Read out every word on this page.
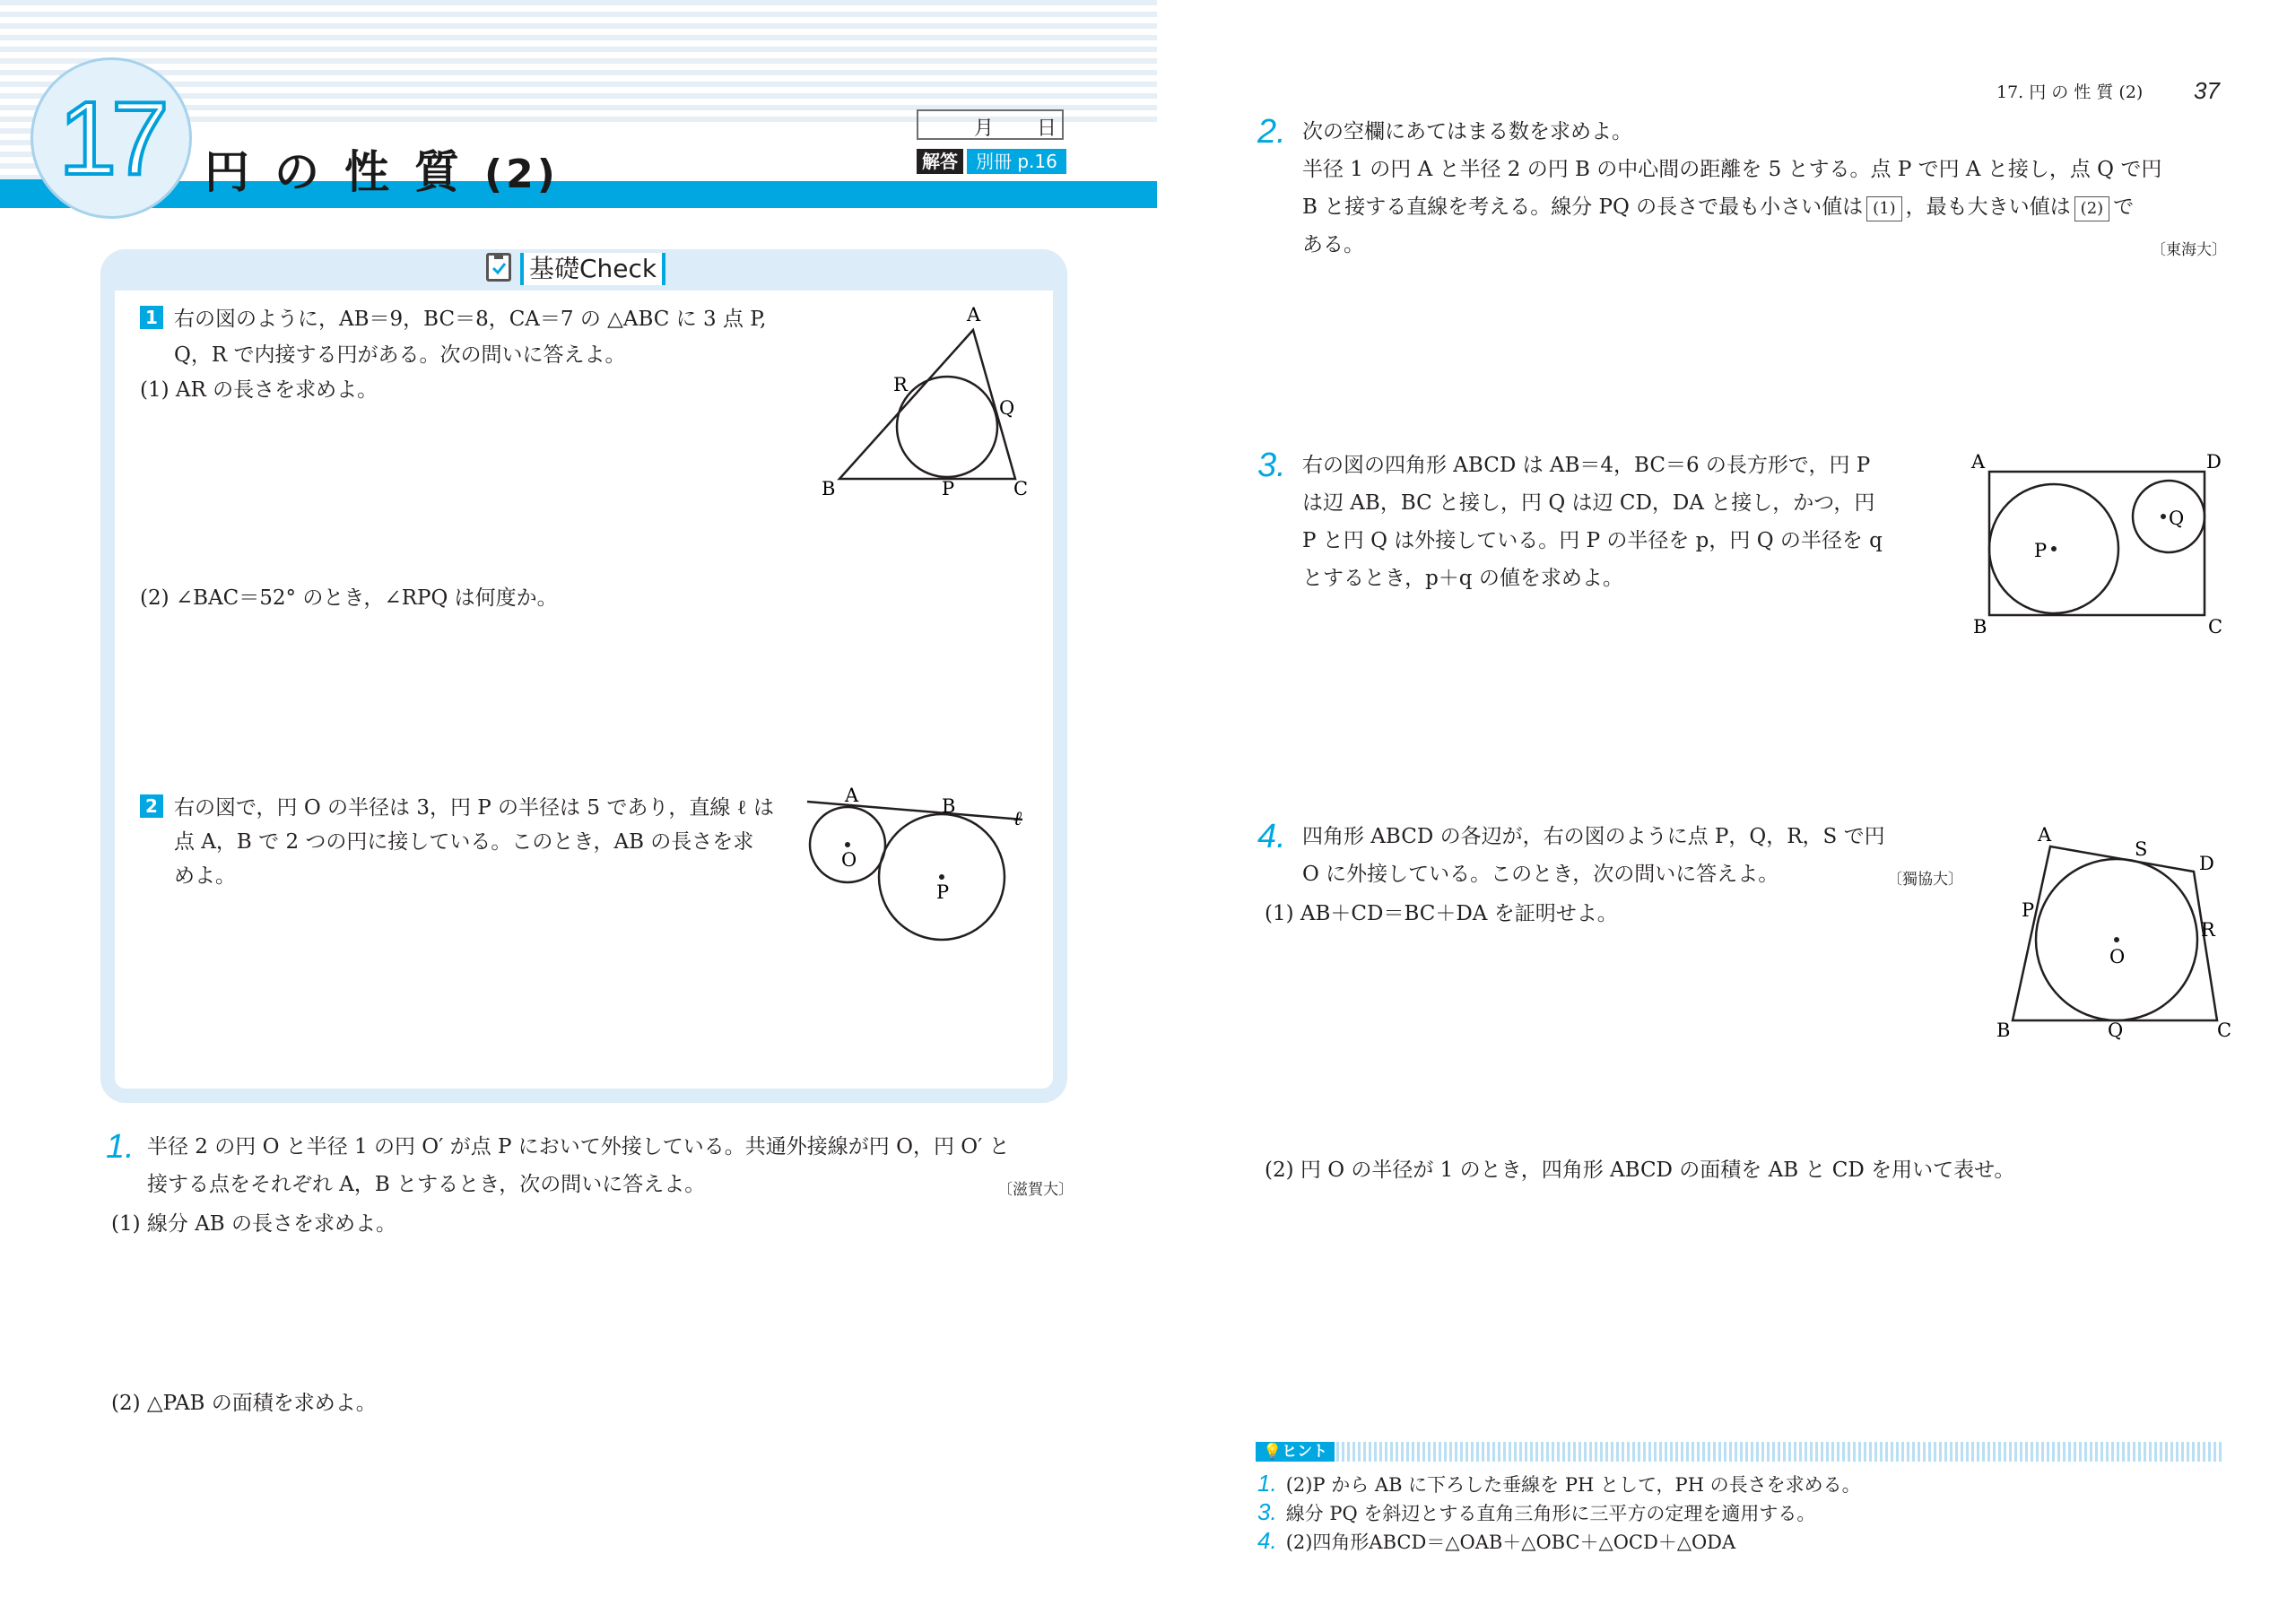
17 円の性質(2)
月 日
解答	別冊 p.16
基礎Check
1 右の図のように，AB＝9，BC＝8，CA＝7 の △ABC に 3 点 P,
Q，R で内接する円がある。次の問いに答えよ。
(1) AR の長さを求めよ。
(2) ∠BAC＝52° のとき，∠RPQ は何度か。
A
B	C
P
Q
R
2 右の図で，円 O の半径は 3，円 P の半径は 5 であり，直線 ℓ は
点 A，B で 2 つの円に接している。このとき，AB の長さを求
めよ。
A	B
O
P
ℓ
1. 半径 2 の円 O と半径 1 の円 O′ が点 P において外接している。共通外接線が円 O，円 O′ と
接する点をそれぞれ A，B とするとき，次の問いに答えよ。	〔滋賀大〕
(1) 線分 AB の長さを求めよ。
(2) △PAB の面積を求めよ。
17. 円 の 性 質 (2) 37
2. 次の空欄にあてはまる数を求めよ。
半径 1 の円 A と半径 2 の円 B の中心間の距離を 5 とする。点 P で円 A と接し，点 Q で円
B と接する直線を考える。線分 PQ の長さで最も小さい値は (1) ，最も大きい値は (2) で
ある。	〔東海大〕
3. 右の図の四角形 ABCD は AB＝4，BC＝6 の長方形で，円 P
は辺 AB，BC と接し，円 Q は辺 CD，DA と接し，かつ，円
P と円 Q は外接している。円 P の半径を p，円 Q の半径を q
とするとき，p＋q の値を求めよ。
A	D
B	C
P
Q
4. 四角形 ABCD の各辺が，右の図のように点 P，Q，R，S で円
O に外接している。このとき，次の問いに答えよ。	〔獨協大〕
(1) AB＋CD＝BC＋DA を証明せよ。
(2) 円 O の半径が 1 のとき，四角形 ABCD の面積を AB と CD を用いて表せ。
A
B	C
D
P
Q
R
S
O
💡ヒント
1. (2)P から AB に下ろした垂線を PH として，PH の長さを求める。
3. 線分 PQ を斜辺とする直角三角形に三平方の定理を適用する。
4. (2)四角形ABCD＝△OAB＋△OBC＋△OCD＋△ODA
